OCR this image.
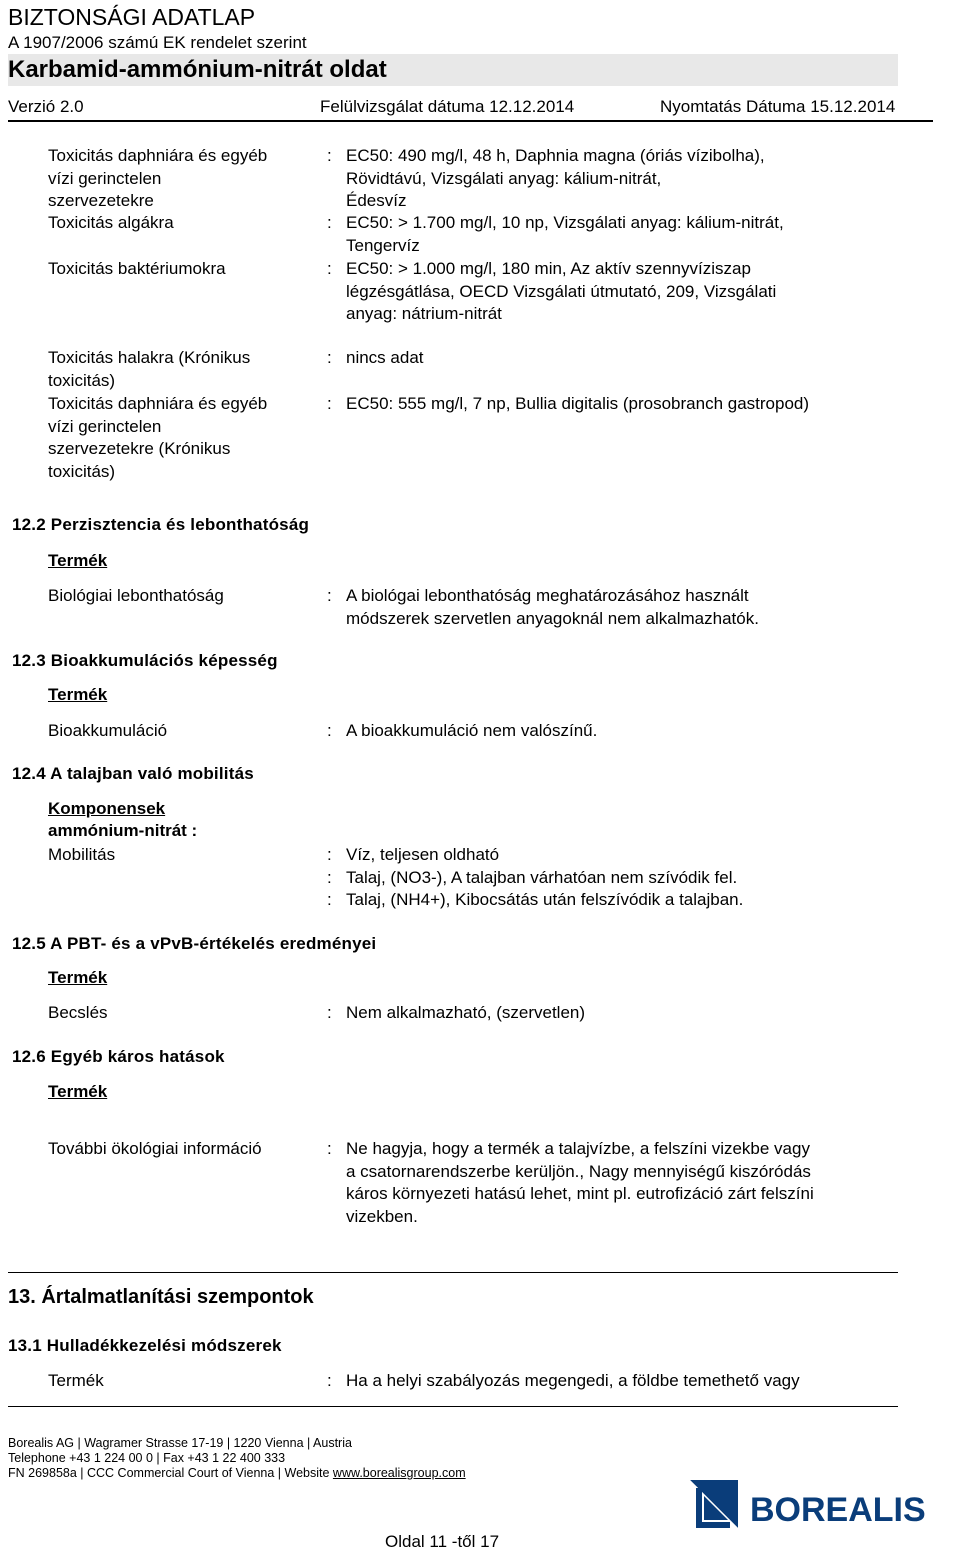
BIZTONSÁGI ADATLAP
A 1907/2006 számú EK rendelet szerint
Karbamid-ammónium-nitrát oldat
Verzió 2.0	Felülvizsgálat dátuma 12.12.2014	Nyomtatás Dátuma 15.12.2014
Toxicitás daphniára és egyéb
vízi gerinctelen
szervezetekre
: EC50: 490 mg/l, 48 h, Daphnia magna (óriás vízibolha),
Rövidtávú, Vizsgálati anyag: kálium-nitrát,
Édesvíz
Toxicitás algákra	: EC50: > 1.700 mg/l, 10 np, Vizsgálati anyag: kálium-nitrát,
Tengervíz
Toxicitás baktériumokra	: EC50: > 1.000 mg/l, 180 min, Az aktív szennyvíziszap
légzésgátlása, OECD Vizsgálati útmutató, 209, Vizsgálati
anyag: nátrium-nitrát
Toxicitás halakra (Krónikus
toxicitás)
: nincs adat
Toxicitás daphniára és egyéb
vízi gerinctelen
szervezetekre (Krónikus
toxicitás)
: EC50: 555 mg/l, 7 np, Bullia digitalis (prosobranch gastropod)
12.2 Perzisztencia és lebonthatóság
Termék
Biológiai lebonthatóság	: A biológai lebonthatóság meghatározásához használt
módszerek szervetlen anyagoknál nem alkalmazhatók.
12.3 Bioakkumulációs képesség
Termék
Bioakkumuláció	: A bioakkumuláció nem valószínű.
12.4 A talajban való mobilitás
Komponensek
ammónium-nitrát :
Mobilitás	: Víz, teljesen oldható
: Talaj, (NO3-), A talajban várhatóan nem szívódik fel.
: Talaj, (NH4+), Kibocsátás után felszívódik a talajban.
12.5 A PBT- és a vPvB-értékelés eredményei
Termék
Becslés	: Nem alkalmazható, (szervetlen)
12.6 Egyéb káros hatások
Termék
További ökológiai információ	: Ne hagyja, hogy a termék a talajvízbe, a felszíni vizekbe vagy
a csatornarendszerbe kerüljön., Nagy mennyiségű kiszóródás
káros környezeti hatású lehet, mint pl. eutrofizáció zárt felszíni
vizekben.
13. Ártalmatlanítási szempontok
13.1 Hulladékkezelési módszerek
Termék	: Ha a helyi szabályozás megengedi, a földbe temethető vagy
Borealis AG | Wagramer Strasse 17-19 | 1220 Vienna | Austria
Telephone +43 1 224 00 0 | Fax +43 1 22 400 333
FN 269858a | CCC Commercial Court of Vienna | Website www.borealisgroup.com
BOREALIS
Oldal 11 -től 17
